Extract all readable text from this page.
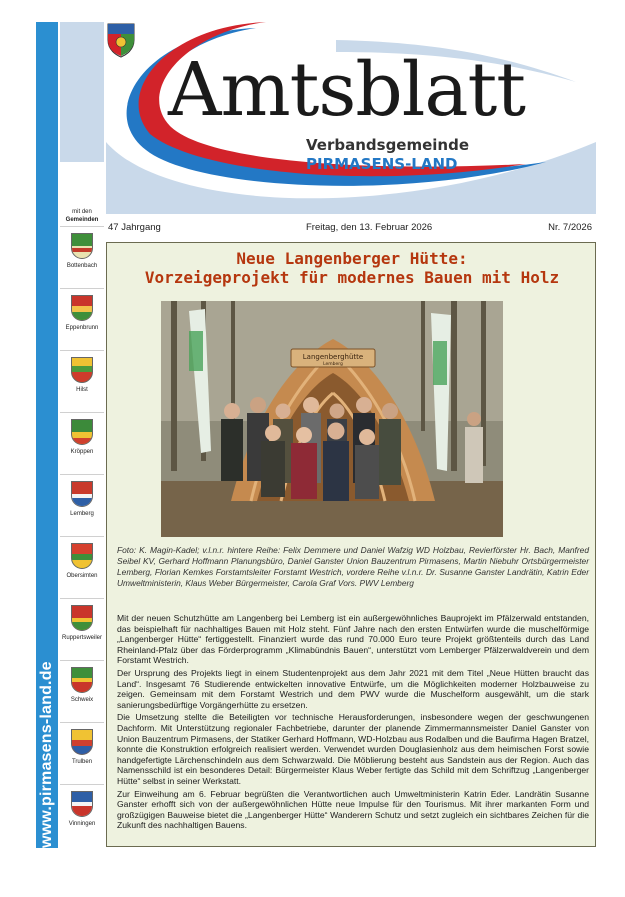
www.pirmasens-land.de
mit den
Gemeinden
Bottenbach
Eppenbrunn
Hilst
Kröppen
Lemberg
Obersimten
Ruppertsweiler
Schweix
Trulben
Vinningen
Amtsblatt
Verbandsgemeinde
PIRMASENS-LAND
47 Jahrgang	Freitag, den 13. Februar 2026	Nr. 7/2026
Neue Langenberger Hütte:
Vorzeigeprojekt für modernes Bauen mit Holz
Langenberghütte
Lemberg
Foto: K. Magin-Kadel; v.l.n.r. hintere Reihe: Felix Demmere und Daniel Wafzig WD Holzbau, Revierförster Hr. Bach, Manfred Seibel KV, Gerhard Hoffmann Planungsbüro, Daniel Ganster Union Bauzentrum Pirmasens, Martin Niebuhr Ortsbürgermeister Lemberg, Florian Kemkes Forstamtsleiter Forstamt Westrich, vordere Reihe v.l.n.r. Dr. Susanne Ganster Landrätin, Katrin Eder Umweltministerin, Klaus Weber Bürgermeister, Carola Graf Vors. PWV Lemberg

Mit der neuen Schutzhütte am Langenberg bei Lemberg ist ein außergewöhnliches Bauprojekt im Pfälzerwald entstanden, das beispielhaft für nachhaltiges Bauen mit Holz steht. Fünf Jahre nach den ersten Entwürfen wurde die muschelförmige „Langenberger Hütte“ fertiggestellt. Finanziert wurde das rund 70.000 Euro teure Projekt größtenteils durch das Land Rheinland-Pfalz über das Förderprogramm „Klimabündnis Bauen“, unterstützt vom Lemberger Pfälzerwaldverein und dem Forstamt Westrich.

Der Ursprung des Projekts liegt in einem Studentenprojekt aus dem Jahr 2021 mit dem Titel „Neue Hütten braucht das Land“. Insgesamt 76 Studierende entwickelten innovative Entwürfe, um die Möglichkeiten moderner Holzbauweise zu zeigen. Gemeinsam mit dem Forstamt Westrich und dem PWV wurde die Muschelform ausgewählt, um die stark sanierungsbedürftige Vorgängerhütte zu ersetzen.

Die Umsetzung stellte die Beteiligten vor technische Herausforderungen, insbesondere wegen der geschwungenen Dachform. Mit Unterstützung regionaler Fachbetriebe, darunter der planende Zimmermannsmeister Daniel Ganster von Union Bauzentrum Pirmasens, der Statiker Gerhard Hoffmann, WD-Holzbau aus Rodalben und die Baufirma Hagen Bratzel, konnte die Konstruktion erfolgreich realisiert werden. Verwendet wurden Douglasienholz aus dem heimischen Forst sowie handgefertigte Lärchenschindeln aus dem Schwarzwald. Die Möblierung besteht aus Sandstein aus der Region. Auch das Namensschild ist ein besonderes Detail: Bürgermeister Klaus Weber fertigte das Schild mit dem Schriftzug „Langenberger Hütte“ selbst in seiner Werkstatt.

Zur Einweihung am 6. Februar begrüßten die Verantwortlichen auch Umweltministerin Katrin Eder. Landrätin Susanne Ganster erhofft sich von der außergewöhnlichen Hütte neue Impulse für den Tourismus. Mit ihrer markanten Form und großzügigen Bauweise bietet die „Langenberger Hütte“ Wanderern Schutz und setzt zugleich ein sichtbares Zeichen für die Zukunft des nachhaltigen Bauens.
